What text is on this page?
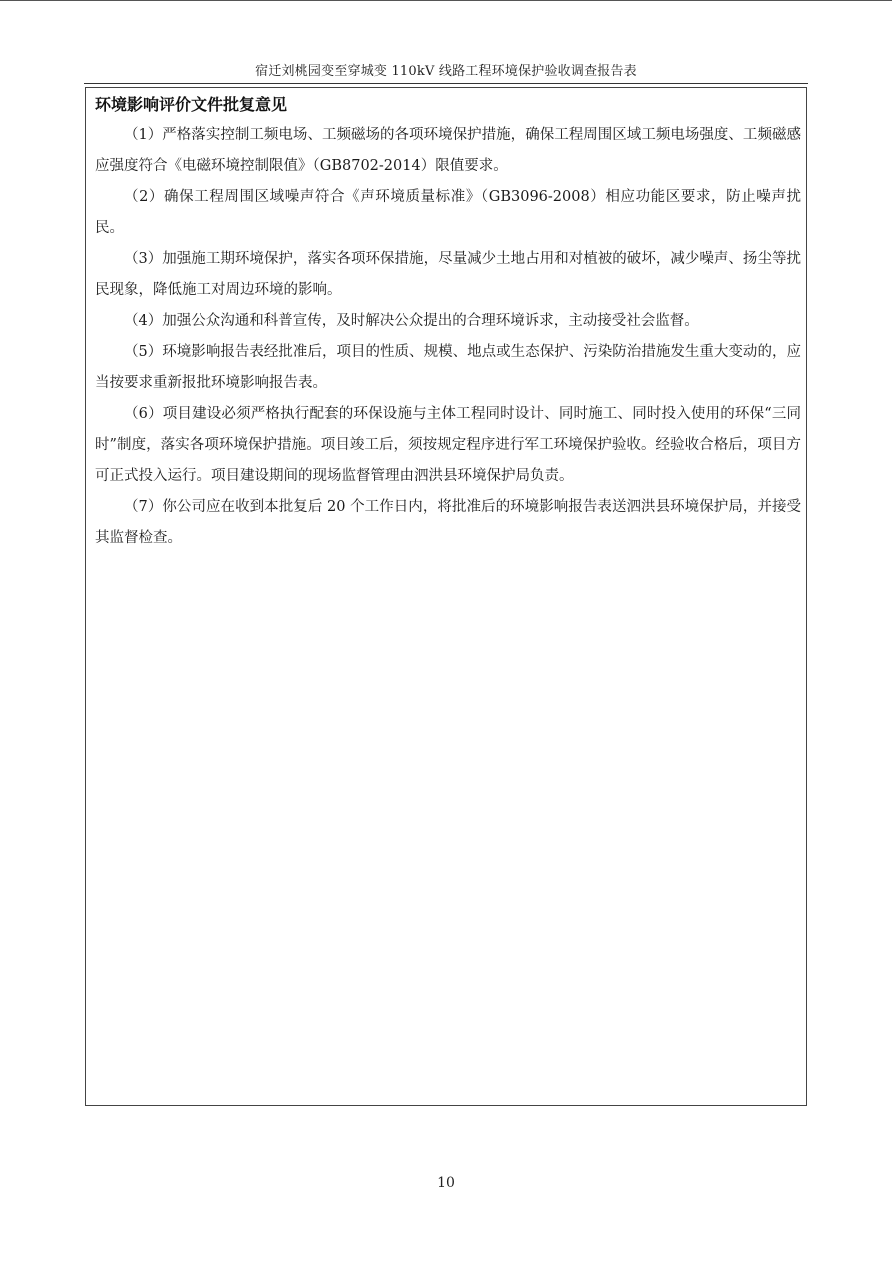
宿迁刘桃园变至穿城变 110kV 线路工程环境保护验收调查报告表
环境影响评价文件批复意见

（1）严格落实控制工频电场、工频磁场的各项环境保护措施，确保工程周围区域工频电场强度、工频磁感应强度符合《电磁环境控制限值》（GB8702-2014）限值要求。

（2）确保工程周围区域噪声符合《声环境质量标准》（GB3096-2008）相应功能区要求，防止噪声扰民。

（3）加强施工期环境保护，落实各项环保措施，尽量减少土地占用和对植被的破坏，减少噪声、扬尘等扰民现象，降低施工对周边环境的影响。

（4）加强公众沟通和科普宣传，及时解决公众提出的合理环境诉求，主动接受社会监督。

（5）环境影响报告表经批准后，项目的性质、规模、地点或生态保护、污染防治措施发生重大变动的，应当按要求重新报批环境影响报告表。

（6）项目建设必须严格执行配套的环保设施与主体工程同时设计、同时施工、同时投入使用的环保“三同时”制度，落实各项环境保护措施。项目竣工后，须按规定程序进行军工环境保护验收。经验收合格后，项目方可正式投入运行。项目建设期间的现场监督管理由泗洪县环境保护局负责。

（7）你公司应在收到本批复后 20 个工作日内，将批准后的环境影响报告表送泗洪县环境保护局，并接受其监督检查。

10
